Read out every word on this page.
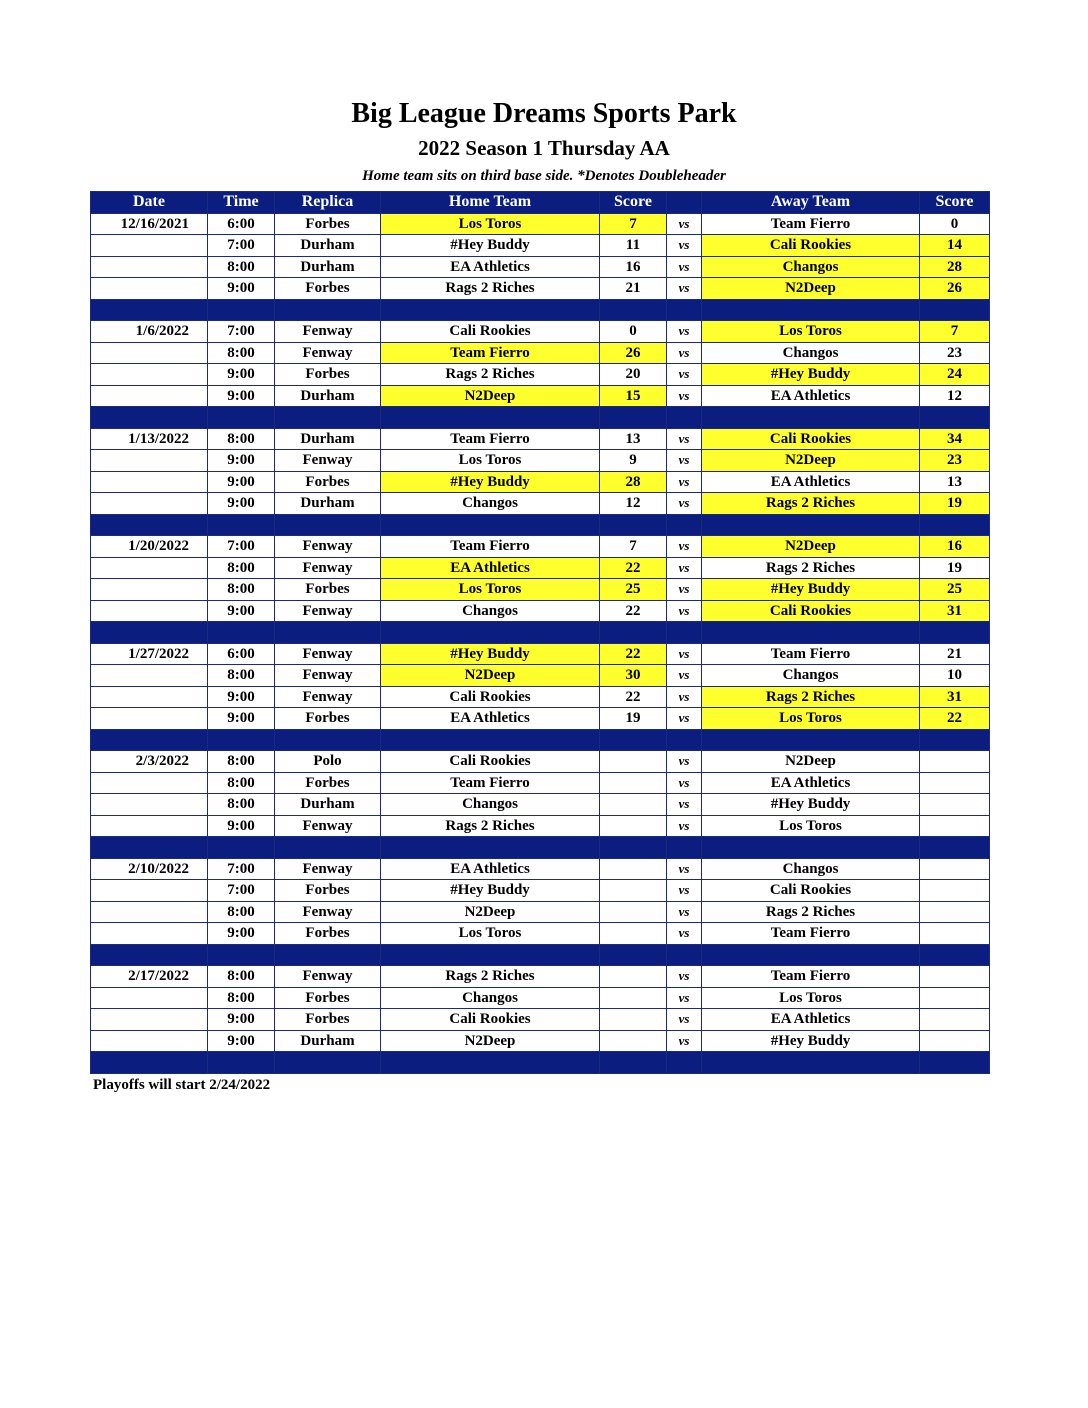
Big League Dreams Sports Park
2022 Season 1 Thursday AA
Home team sits on third base side. *Denotes Doubleheader
Date	Time	Replica	Home Team	Score		Away Team	Score
12/16/2021	6:00	Forbes	Los Toros	7	vs	Team Fierro	0
	7:00	Durham	#Hey Buddy	11	vs	Cali Rookies	14
	8:00	Durham	EA Athletics	16	vs	Changos	28
	9:00	Forbes	Rags 2 Riches	21	vs	N2Deep	26

1/6/2022	7:00	Fenway	Cali Rookies	0	vs	Los Toros	7
	8:00	Fenway	Team Fierro	26	vs	Changos	23
	9:00	Forbes	Rags 2 Riches	20	vs	#Hey Buddy	24
	9:00	Durham	N2Deep	15	vs	EA Athletics	12

1/13/2022	8:00	Durham	Team Fierro	13	vs	Cali Rookies	34
	9:00	Fenway	Los Toros	9	vs	N2Deep	23
	9:00	Forbes	#Hey Buddy	28	vs	EA Athletics	13
	9:00	Durham	Changos	12	vs	Rags 2 Riches	19

1/20/2022	7:00	Fenway	Team Fierro	7	vs	N2Deep	16
	8:00	Fenway	EA Athletics	22	vs	Rags 2 Riches	19
	8:00	Forbes	Los Toros	25	vs	#Hey Buddy	25
	9:00	Fenway	Changos	22	vs	Cali Rookies	31

1/27/2022	6:00	Fenway	#Hey Buddy	22	vs	Team Fierro	21
	8:00	Fenway	N2Deep	30	vs	Changos	10
	9:00	Fenway	Cali Rookies	22	vs	Rags 2 Riches	31
	9:00	Forbes	EA Athletics	19	vs	Los Toros	22

2/3/2022	8:00	Polo	Cali Rookies		vs	N2Deep	
	8:00	Forbes	Team Fierro		vs	EA Athletics	
	8:00	Durham	Changos		vs	#Hey Buddy	
	9:00	Fenway	Rags 2 Riches		vs	Los Toros	

2/10/2022	7:00	Fenway	EA Athletics		vs	Changos	
	7:00	Forbes	#Hey Buddy		vs	Cali Rookies	
	8:00	Fenway	N2Deep		vs	Rags 2 Riches	
	9:00	Forbes	Los Toros		vs	Team Fierro	

2/17/2022	8:00	Fenway	Rags 2 Riches		vs	Team Fierro	
	8:00	Forbes	Changos		vs	Los Toros	
	9:00	Forbes	Cali Rookies		vs	EA Athletics	
	9:00	Durham	N2Deep		vs	#Hey Buddy	

Playoffs will start 2/24/2022
